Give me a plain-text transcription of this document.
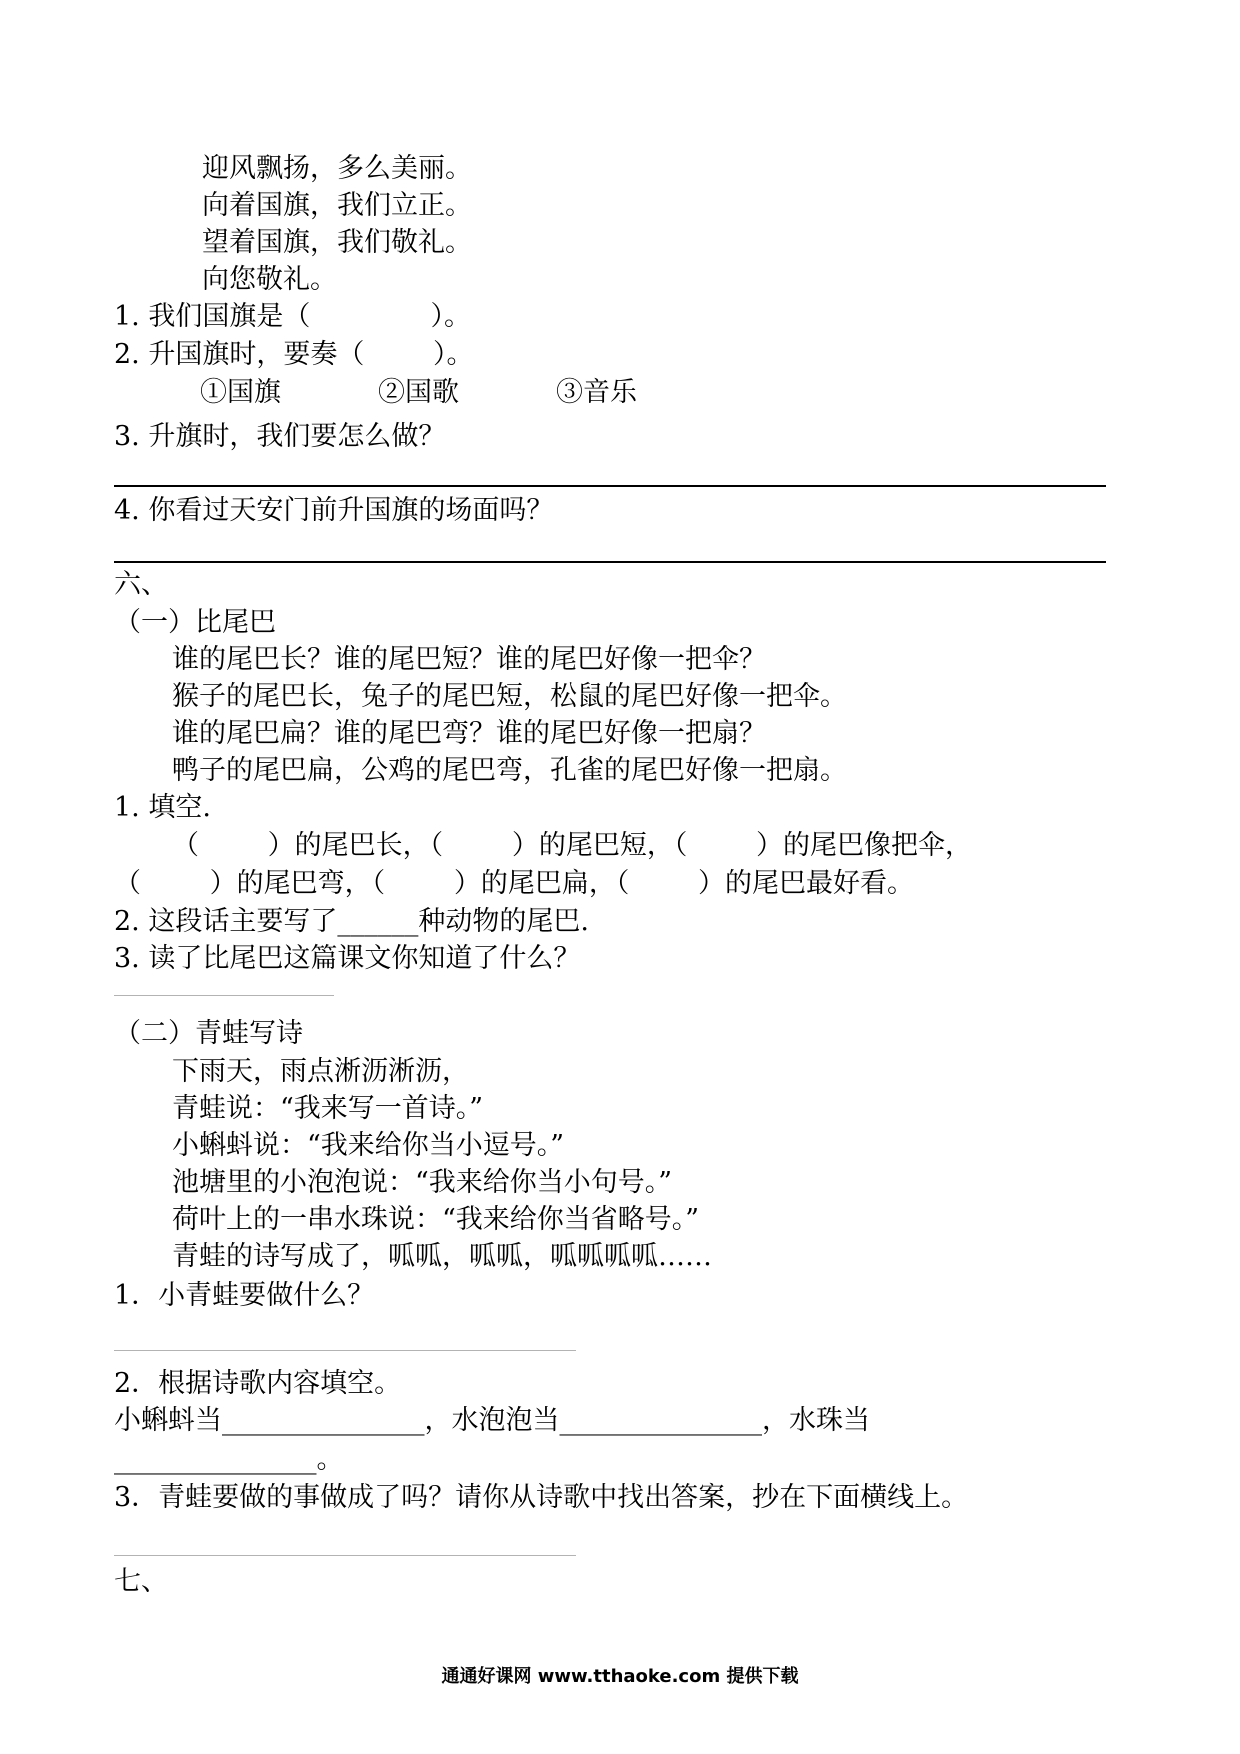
迎风飘扬，多么美丽。
向着国旗，我们立正。
望着国旗，我们敬礼。
向您敬礼。
1. 我们国旗是（              ）。
2. 升国旗时，要奏（        ）。
①国旗	②国歌	③音乐
3. 升旗时，我们要怎么做？
4. 你看过天安门前升国旗的场面吗？
六、
（一）比尾巴
谁的尾巴长？谁的尾巴短？谁的尾巴好像一把伞？
猴子的尾巴长，兔子的尾巴短，松鼠的尾巴好像一把伞。
谁的尾巴扁？谁的尾巴弯？谁的尾巴好像一把扇？
鸭子的尾巴扁，公鸡的尾巴弯，孔雀的尾巴好像一把扇。
1. 填空.
（        ）的尾巴长，（        ）的尾巴短，（        ）的尾巴像把伞，
（        ）的尾巴弯，（        ）的尾巴扁，（        ）的尾巴最好看。
2. 这段话主要写了______种动物的尾巴.
3. 读了比尾巴这篇课文你知道了什么？
________________________________________
（二）青蛙写诗
下雨天，雨点淅沥淅沥，
青蛙说：“我来写一首诗。”
小蝌蚪说：“我来给你当小逗号。”
池塘里的小泡泡说：“我来给你当小句号。”
荷叶上的一串水珠说：“我来给你当省略号。”
青蛙的诗写成了，呱呱，呱呱，呱呱呱呱……
1．小青蛙要做什么？
____________________________________________________________________________________
2．根据诗歌内容填空。
小蝌蚪当_______________，水泡泡当_______________，水珠当
_______________。
3．青蛙要做的事做成了吗？请你从诗歌中找出答案，抄在下面横线上。
____________________________________________________________________________________
七、
通通好课网 www.tthaoke.com 提供下载
